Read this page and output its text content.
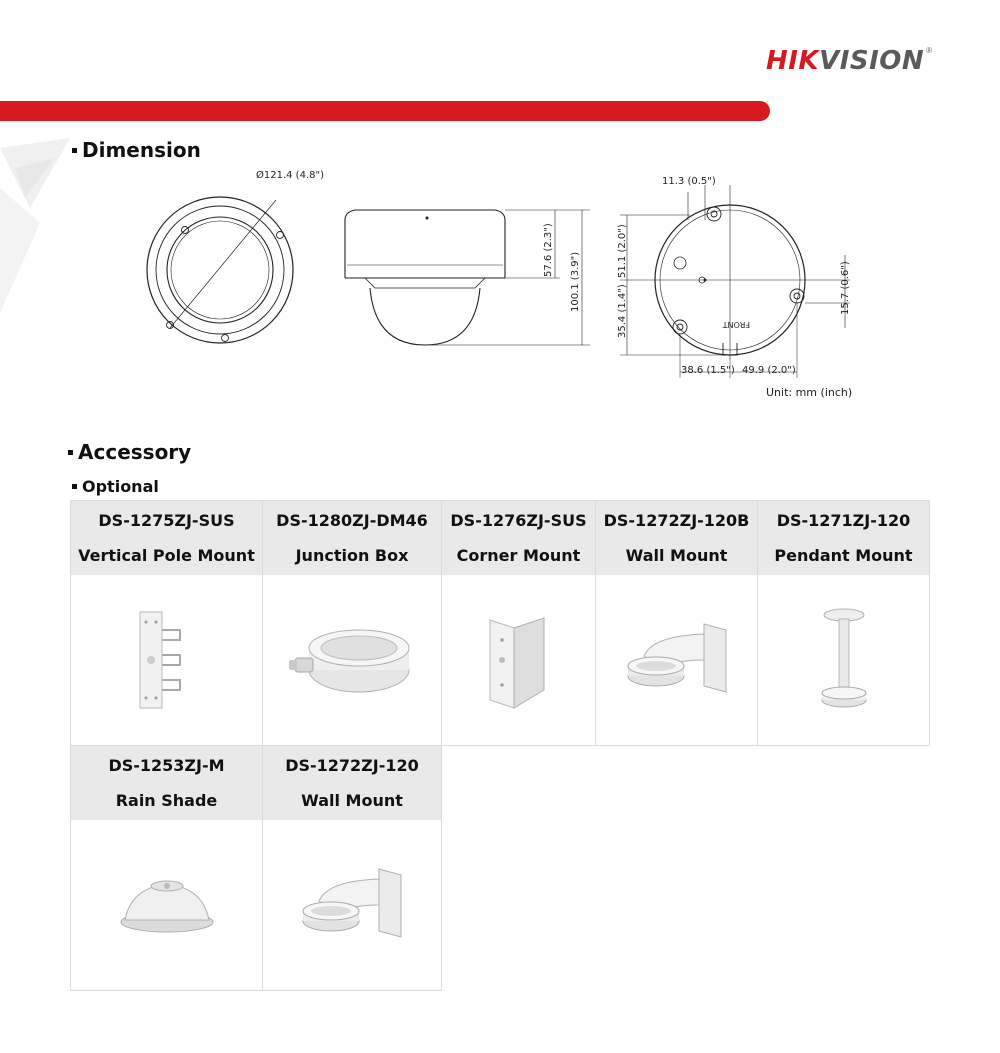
HIKVISION ®
Dimension
Ø121.4 (4.8")
57.6 (2.3")
100.1 (3.9")
11.3 (0.5")
51.1 (2.0")
35.4 (1.4")	15.7 (0.6")
38.6 (1.5") 49.9 (2.0")
FRONT
Unit: mm (inch)
Accessory
Optional
DS-1275ZJ-SUS
Vertical Pole Mount
DS-1280ZJ-DM46
Junction Box
DS-1276ZJ-SUS
Corner Mount
DS-1272ZJ-120B
Wall Mount
DS-1271ZJ-120
Pendant Mount
DS-1253ZJ-M
Rain Shade
DS-1272ZJ-120
Wall Mount
